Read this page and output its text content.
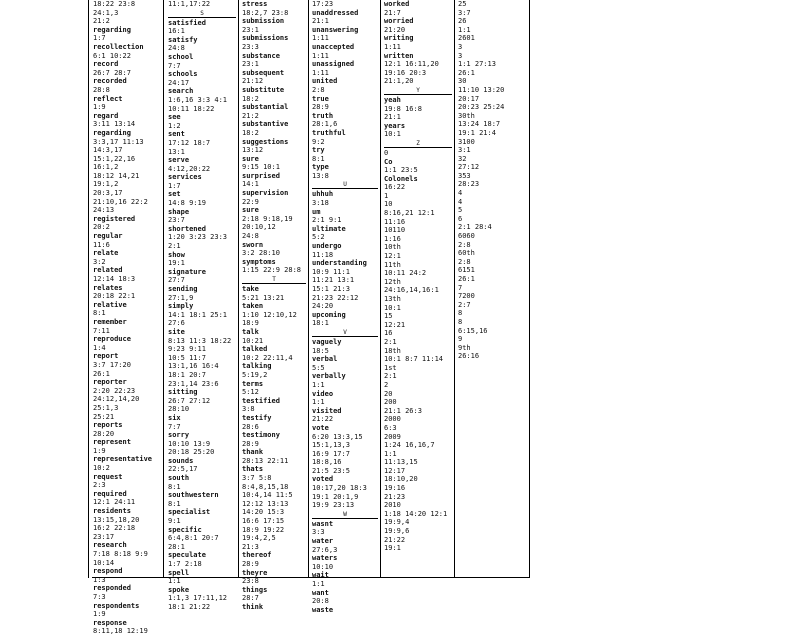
18:22 23:8
24:1,3
21:2
regarding
1:7
recollection
6:1 10:22
record
26:7 28:7
recorded
28:8
reflect
1:9
regard
3:11 13:14
regarding
3:3,17 11:13
14:3,17
15:1,22,16
16:1,2
18:12 14,21
19:1,2
20:3,17
21:10,16 22:2
24:13
registered
20:2
regular
11:6
relate
3:2
related
12:14 18:3
relates
20:18 22:1
relative
8:1
remember
7:11
reproduce
1:4
report
3:7 17:20
26:1
reporter
2:20 22:23
24:12,14,20
25:1,3
25:21
reports
28:20
represent
1:9
representative
10:2
request
2:3
required
12:1 24:11
residents
13:15,18,20
16:2 22:18
23:17
research
7:18 8:18 9:9
10:14
respond
1:3
responded
7:3
respondents
1:9
response
8:11,18 12:19
11:1,17:22
S
satisfied
16:1
satisfy
24:8
school
7:7
schools
24:17
search
1:6,16 3:3 4:1
10:11 18:22
see
1:2
sent
17:12 18:7
13:1
serve
4:12,20:22
services
1:7
set
14:8 9:19
shape
23:7
shortened
1:20 3:23 23:3
2:1
show
19:1
signature
27:7
sending
27:1,9
simply
14:1 18:1 25:1
27:6
site
8:13 11:3 18:22
9:23 9:11
10:5 11:7
13:1,16 16:4
18:1 20:7
23:1,14 23:6
sitting
26:7 27:12
28:10
six
7:7
sorry
10:10 13:9
20:18 25:20
sounds
22:5,17
south
8:1
southwestern
8:1
specialist
9:1
specific
6:4,8:1 20:7
28:1
speculate
1:7 2:18
spell
1:1
spoke
1:1,3 17:11,12
18:1 21:22
stress
18:2,7 23:8
submission
23:1
submissions
23:3
substance
23:1
subsequent
21:12
substitute
18:2
substantial
21:2
substantive
18:2
suggestions
13:12
sure
9:15 10:1
surprised
14:1
supervision
22:9
sure
2:18 9:18,19
20:10,12
24:8
sworn
3:2 28:10
symptoms
1:15 22:9 28:8
T
take
5:21 13:21
taken
1:10 12:10,12
18:9
talk
10:21
talked
10:2 22:11,4
talking
5:19,2
terms
5:12
testified
3:8
testify
28:6
testimony
28:9
thank
28:13 22:11
thats
3:7 5:8
8:4,8,15,18
10:4,14 11:5
12:12 13:13
14:20 15:3
16:6 17:15
18:9 19:22
19:4,2,5
21:3
thereof
28:9
theyre
23:8
things
28:7
think
17:23
unaddressed
21:1
unanswering
1:11
unaccepted
1:11
unassigned
1:11
united
2:8
true
28:9
truth
28:1,6
truthful
9:2
try
8:1
type
13:8
U
uhhuh
3:18
um
2:1 9:1
ultimate
5:2
undergo
11:18
understanding
10:9 11:1
11:21 13:1
15:1 21:3
21:23 22:12
24:20
upcoming
18:1
V
vaguely
18:5
verbal
5:5
verbally
1:1
video
1:1
visited
21:22
vote
6:20 13:3,15
15:1,13,3
16:9 17:7
18:8,16
21:5 23:5
voted
10:17,20 18:3
19:1 20:1,9
19:9 23:13
W
wasnt
3:3
water
27:6,3
waters
10:10
wait
1:1
want
20:8
waste
worked
21:7
worried
21:20
writing
1:11
written
12:1 16:11,20
19:16 20:3
21:1,20
Y
yeah
19:8 16:8
21:1
years
10:1
Z
0
Co
1:1 23:5
Colonels
16:22
1
10
8:16,21 12:1
11:16
10110
1:16
10th
12:1
11th
10:11 24:2
12th
24:16,14,16:1
13th
10:1
15
12:21
16
2:1
18th
10:1 8:7 11:14
1st
2:1
2
20
200
21:1 26:3
2000
6:3
2009
1:24 16,16,7
1:1
11:13,15
12:17
18:10,20
19:16
21:23
2010
1:18 14:20 12:1
19:9,4
19:9,6
21:22
19:1
25
3:7
26
1:1
2601
3
3
1:1 27:13
26:1
30
11:10 13:20
20:17
20:23 25:24
30th
13:24 18:7
19:1 21:4
3100
3:1
32
27:12
353
28:23
4
4
5
6
2:1 28:4
6060
2:8
60th
2:8
6151
26:1
7
7200
2:7
8
8
6:15,16
9
9th
26:16
